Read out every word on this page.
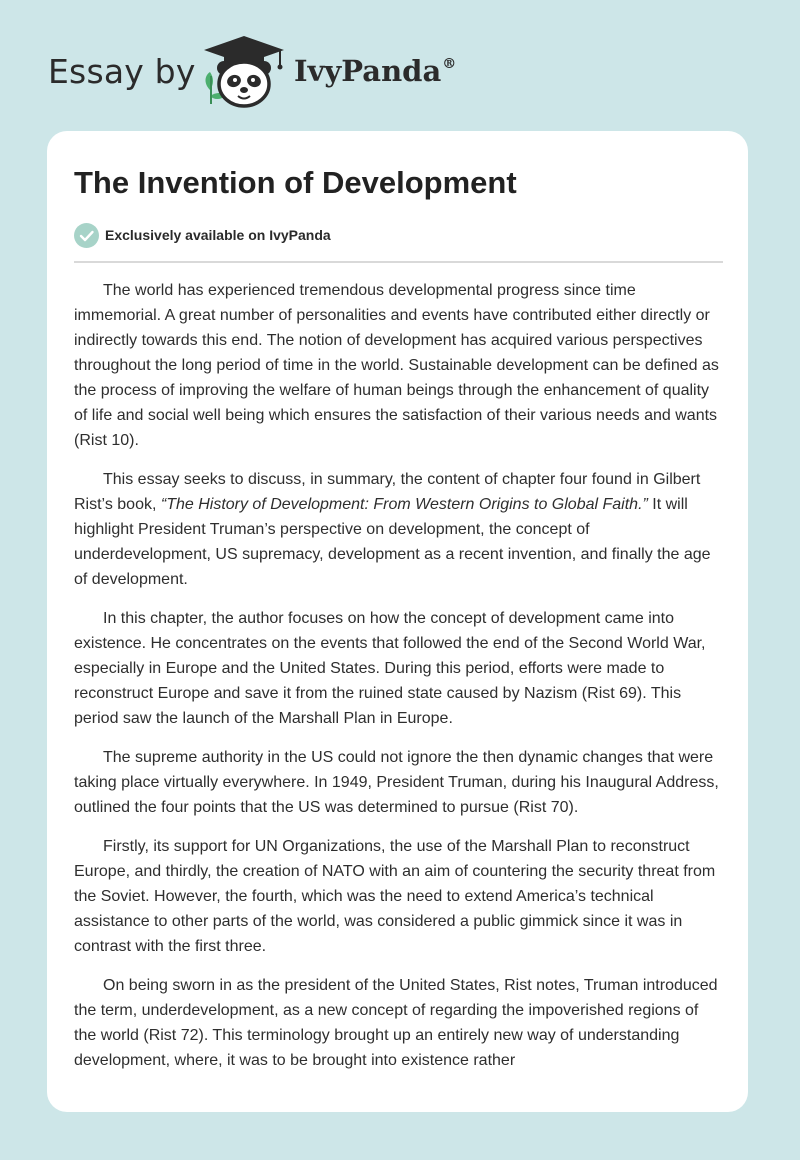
Essay by	IvyPanda®
The Invention of Development
Exclusively available on IvyPanda

The world has experienced tremendous developmental progress since time immemorial. A great number of personalities and events have contributed either directly or indirectly towards this end. The notion of development has acquired various perspectives throughout the long period of time in the world. Sustainable development can be defined as the process of improving the welfare of human beings through the enhancement of quality of life and social well being which ensures the satisfaction of their various needs and wants (Rist 10).

This essay seeks to discuss, in summary, the content of chapter four found in Gilbert Rist’s book, “The History of Development: From Western Origins to Global Faith.” It will highlight President Truman’s perspective on development, the concept of underdevelopment, US supremacy, development as a recent invention, and finally the age of development.

In this chapter, the author focuses on how the concept of development came into existence. He concentrates on the events that followed the end of the Second World War, especially in Europe and the United States. During this period, efforts were made to reconstruct Europe and save it from the ruined state caused by Nazism (Rist 69). This period saw the launch of the Marshall Plan in Europe.

The supreme authority in the US could not ignore the then dynamic changes that were taking place virtually everywhere. In 1949, President Truman, during his Inaugural Address, outlined the four points that the US was determined to pursue (Rist 70).

Firstly, its support for UN Organizations, the use of the Marshall Plan to reconstruct Europe, and thirdly, the creation of NATO with an aim of countering the security threat from the Soviet. However, the fourth, which was the need to extend America’s technical assistance to other parts of the world, was considered a public gimmick since it was in contrast with the first three.

On being sworn in as the president of the United States, Rist notes, Truman introduced the term, underdevelopment, as a new concept of regarding the impoverished regions of the world (Rist 72). This terminology brought up an entirely new way of understanding development, where, it was to be brought into existence rather
